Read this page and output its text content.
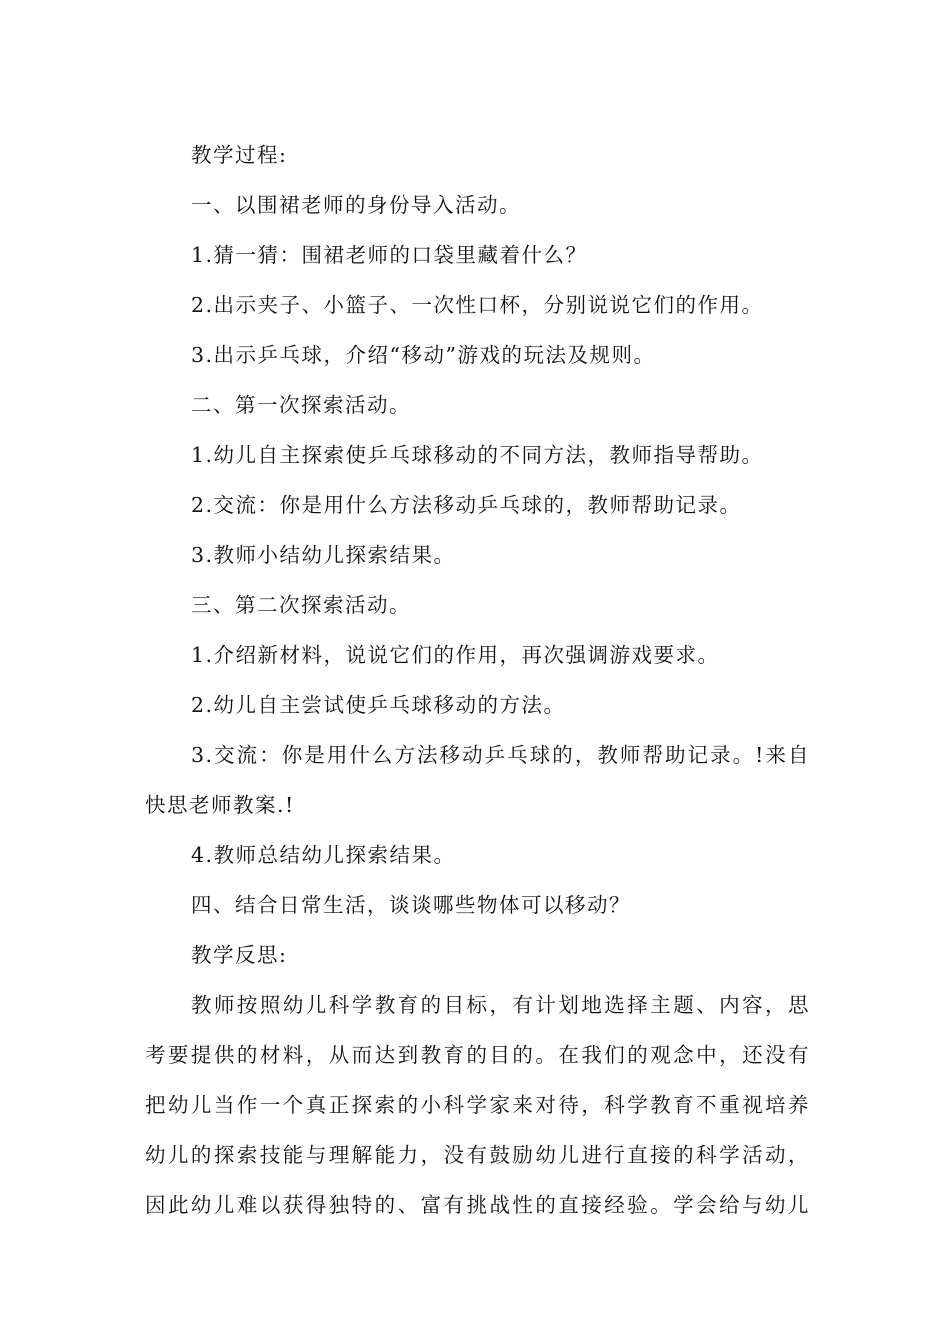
教学过程:
一、以围裙老师的身份导入活动。
1.猜一猜：围裙老师的口袋里藏着什么？
2.出示夹子、小篮子、一次性口杯，分别说说它们的作用。
3.出示乒乓球，介绍“移动”游戏的玩法及规则。
二、第一次探索活动。
1.幼儿自主探索使乒乓球移动的不同方法，教师指导帮助。
2.交流：你是用什么方法移动乒乓球的，教师帮助记录。
3.教师小结幼儿探索结果。
三、第二次探索活动。
1.介绍新材料，说说它们的作用，再次强调游戏要求。
2.幼儿自主尝试使乒乓球移动的方法。
3.交流：你是用什么方法移动乒乓球的，教师帮助记录。!来自
快思老师教案.!
4.教师总结幼儿探索结果。
四、结合日常生活，谈谈哪些物体可以移动？
教学反思:
教师按照幼儿科学教育的目标，有计划地选择主题、内容，思
考要提供的材料，从而达到教育的目的。在我们的观念中，还没有
把幼儿当作一个真正探索的小科学家来对待，科学教育不重视培养
幼儿的探索技能与理解能力，没有鼓励幼儿进行直接的科学活动，
因此幼儿难以获得独特的、富有挑战性的直接经验。学会给与幼儿
